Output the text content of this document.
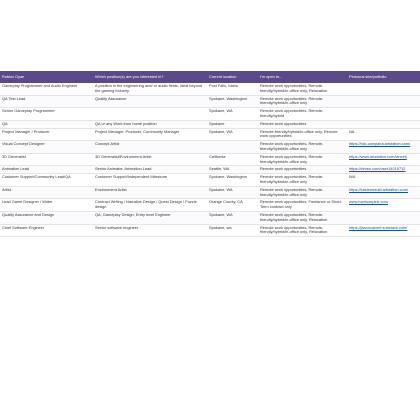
Roblox Dyan	Which position(s) are you interested in?	Current location	I'm open to...	Personal site/portfolio
Gameplay Programmer and Audio Engineer	A position in the engineering and/ or audio fields, ideal beyond the gaming industry.	Post Falls, Idaho	Remote work opportunities, Remote-friendly/hybrid/in-office only, Relocation	
QA Test Lead	Quality Assurance	Spokane, Washington	Remote work opportunities, Remote-friendly/hybrid/in-office only	
Senior Gameplay Programmer		Spokane, WA	Remote work opportunities, Remote-friendly/hybrid	
QA	QA or any Work from home position	Spokane	Remote work opportunities	
Project Manager / Producer	Project Manager, Producer, Community Manager	Spokane, WA	Remote-friendly/hybrid/in-office only, Remote work opportunities	NA
Visual Concept Designer	Concept Artist		Remote work opportunities, Remote-friendly/hybrid/in-office only	https://rob-campana.artstation.com/
3D Generalist	3D Generalist/Environment Artist	California	Remote work opportunities, Remote-friendly/hybrid/in-office only	https://www.artstation.com/lanceti
Animation Lead	Senior Animator, Animation Lead	Seattle, WA	Remote work opportunities	https://vimeo.com/user14018712
Customer Support/Community Lead/QA	Customer Support/Independent Milestone	Spokane, Washington	Remote work opportunities, Remote-friendly/hybrid/in-office only	N/A
Artist	Environment Artist	Spokane, WA	Remote work opportunities, Remote-friendly/hybrid/in-office only	https://casiemraukl.artstation.com/
Lead Game Designer / Writer	Contract Writing / Narrative Design / Quest Design / Puzzle design	Orange County, CA	Remote work opportunities, Freelance or Short-Term contract only	www.harrisonpink.com
Quality Assurance and Design	QA, Gameplay Design, Entry level Engineer	Spokane, WA	Remote work opportunities, Remote-friendly/hybrid/in-office only, Relocation	
Chief Software Engineer	Senior software engineer	Spokane, wa	Remote work opportunities, Remote-friendly/hybrid/in-office only, Relocation	https://jasoncalvert.substack.com/
